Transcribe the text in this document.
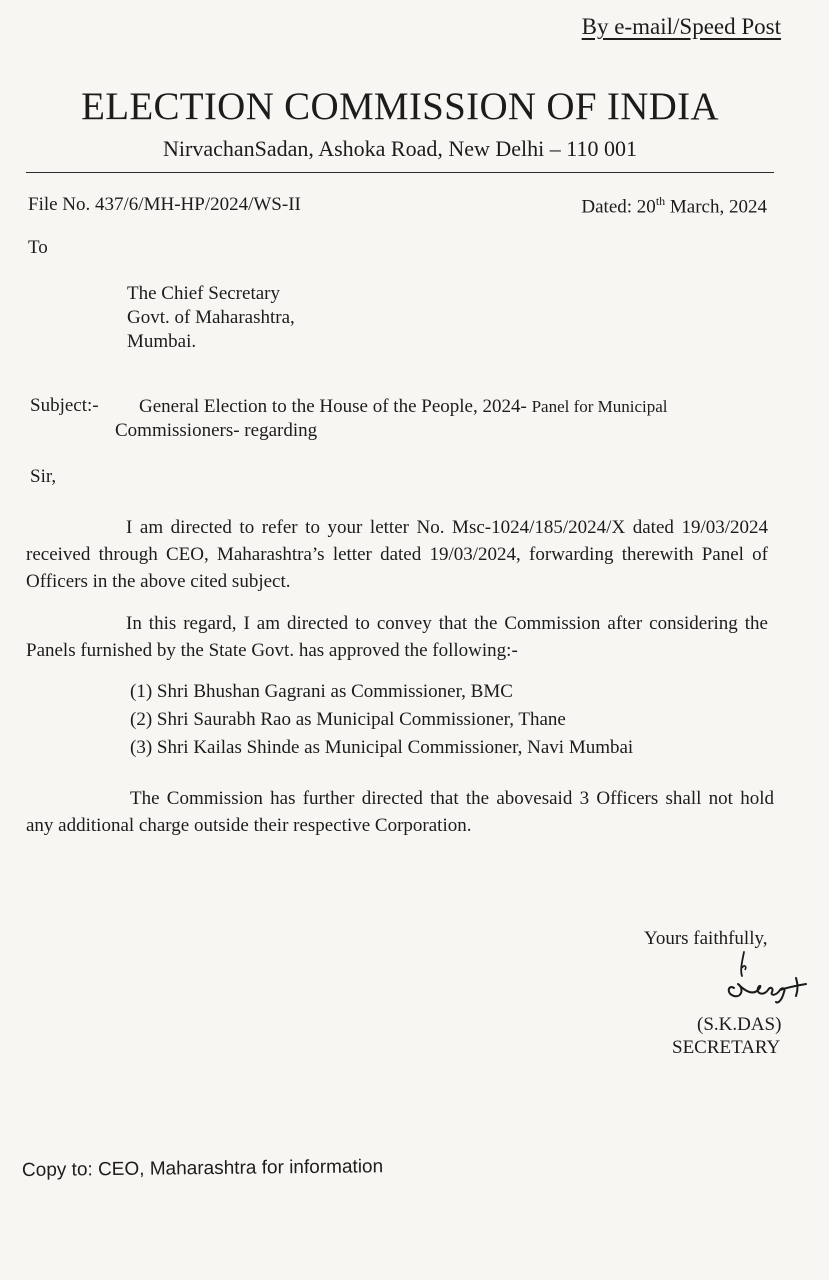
By e-mail/Speed Post
ELECTION COMMISSION OF INDIA
NirvachanSadan, Ashoka Road, New Delhi – 110 001
File No. 437/6/MH-HP/2024/WS-II	Dated: 20th March, 2024
To
The Chief Secretary
Govt. of Maharashtra,
Mumbai.
Subject:-	General Election to the House of the People, 2024- Panel for Municipal
Commissioners- regarding
Sir,

I am directed to refer to your letter No. Msc-1024/185/2024/X dated 19/03/2024 received through CEO, Maharashtra’s letter dated 19/03/2024, forwarding therewith Panel of Officers in the above cited subject.

In this regard, I am directed to convey that the Commission after considering the Panels furnished by the State Govt. has approved the following:-

(1) Shri Bhushan Gagrani as Commissioner, BMC
(2) Shri Saurabh Rao as Municipal Commissioner, Thane
(3) Shri Kailas Shinde as Municipal Commissioner, Navi Mumbai

The Commission has further directed that the abovesaid 3 Officers shall not hold any additional charge outside their respective Corporation.

Yours faithfully,
(S.K.DAS)
SECRETARY
Copy to: CEO, Maharashtra for information
